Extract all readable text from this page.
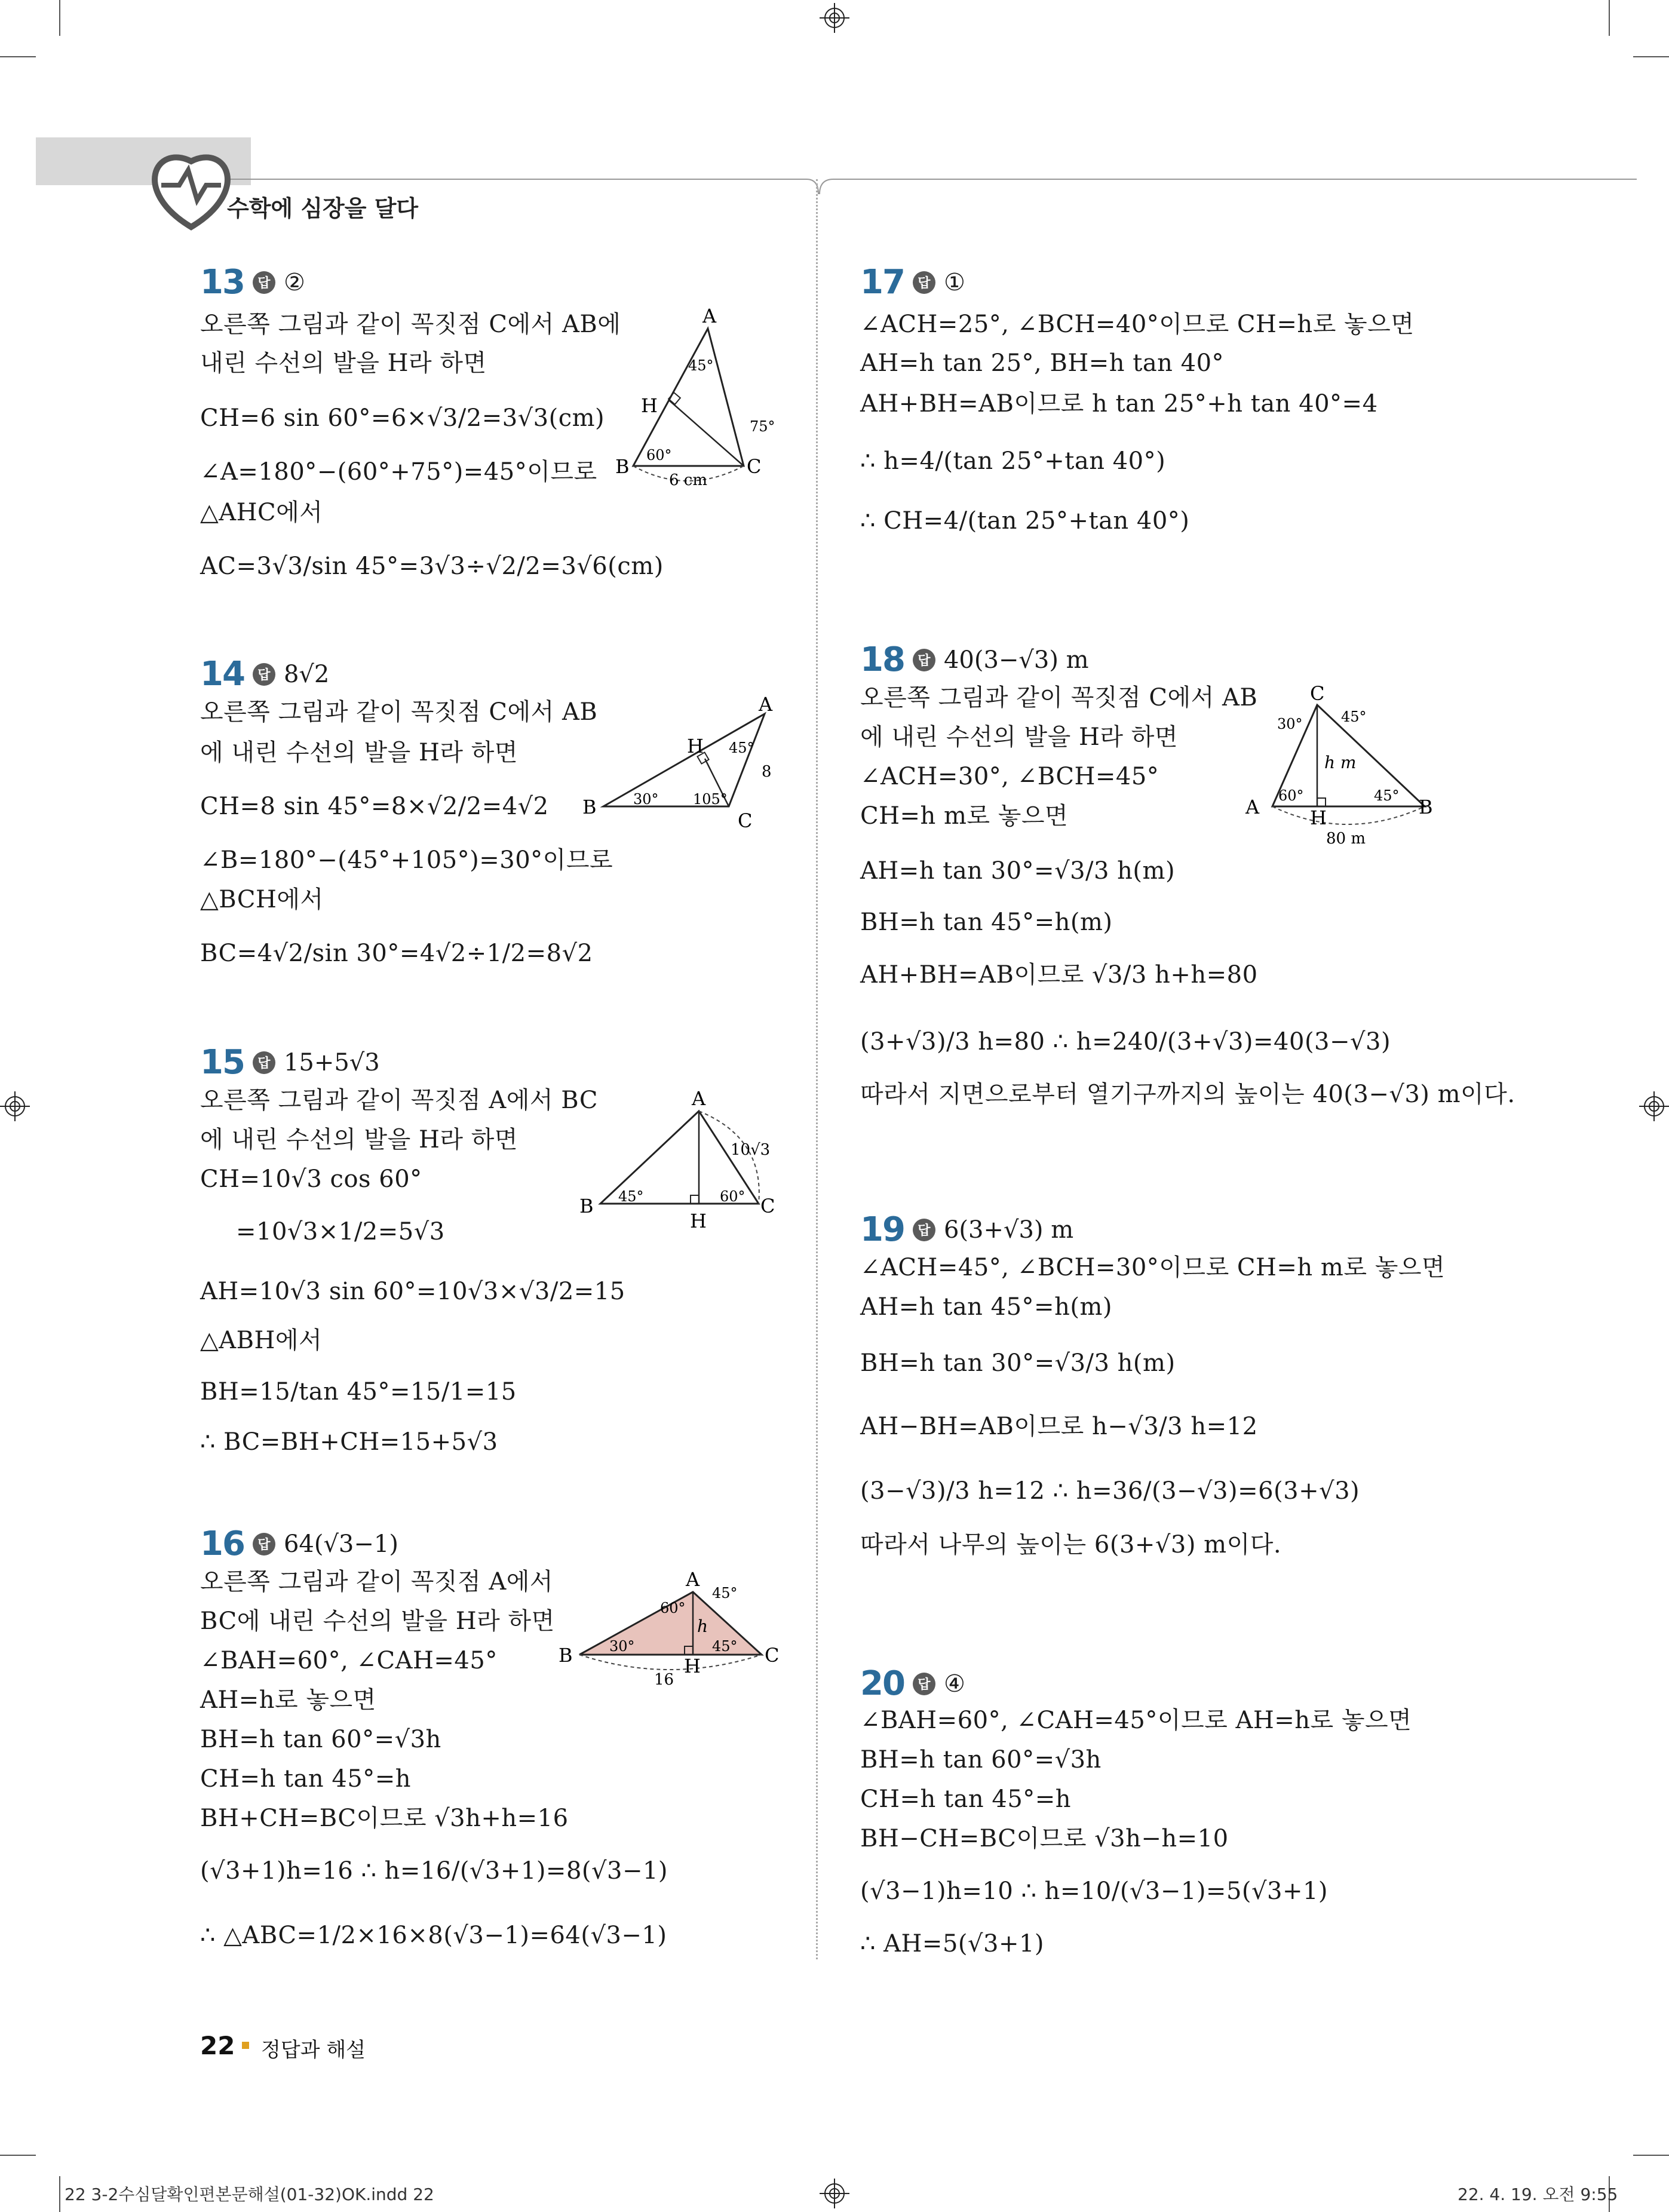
수학에 심장을 달다
13	답 ②
오른쪽 그림과 같이 꼭짓점 C에서 AB에
내린 수선의 발을 H라 하면
CH=6 sin 60°=6×√3/2=3√3(cm)
∠A=180°−(60°+75°)=45°이므로
△AHC에서
AC=3√3/sin 45°=3√3÷√2/2=3√6(cm)
A
B	C
H
45°
60°
75°
6 cm
14	답 8√2
오른쪽 그림과 같이 꼭짓점 C에서 AB
에 내린 수선의 발을 H라 하면
CH=8 sin 45°=8×√2/2=4√2
∠B=180°−(45°+105°)=30°이므로
△BCH에서
BC=4√2/sin 30°=4√2÷1/2=8√2
A
B
C
H 45°
30° 105°
8
15	답 15+5√3
오른쪽 그림과 같이 꼭짓점 A에서 BC
에 내린 수선의 발을 H라 하면
CH=10√3 cos 60°
=10√3×1/2=5√3
AH=10√3 sin 60°=10√3×√3/2=15
△ABH에서
BH=15/tan 45°=15/1=15
∴ BC=BH+CH=15+5√3
A
B	C
H
45°	60°
10√3
16	답 64(√3−1)
오른쪽 그림과 같이 꼭짓점 A에서
BC에 내린 수선의 발을 H라 하면
∠BAH=60°, ∠CAH=45°
AH=h로 놓으면
BH=h tan 60°=√3h
CH=h tan 45°=h
BH+CH=BC이므로 √3h+h=16
(√3+1)h=16 ∴ h=16/(√3+1)=8(√3−1)
∴ △ABC=1/2×16×8(√3−1)=64(√3−1)
A
B	C
H
30°	45°
60°
45°
h
16
17	답 ①
∠ACH=25°, ∠BCH=40°이므로 CH=h로 놓으면
AH=h tan 25°, BH=h tan 40°
AH+BH=AB이므로 h tan 25°+h tan 40°=4
∴ h=4/(tan 25°+tan 40°)
∴ CH=4/(tan 25°+tan 40°)
18	답 40(3−√3) m
오른쪽 그림과 같이 꼭짓점 C에서 AB
에 내린 수선의 발을 H라 하면
∠ACH=30°, ∠BCH=45°
CH=h m로 놓으면
AH=h tan 30°=√3/3 h(m)
BH=h tan 45°=h(m)
AH+BH=AB이므로 √3/3 h+h=80
(3+√3)/3 h=80 ∴ h=240/(3+√3)=40(3−√3)
따라서 지면으로부터 열기구까지의 높이는 40(3−√3) m이다.
C
A	B
H
30°	45°
60°	45°
h m
80 m
19	답 6(3+√3) m
∠ACH=45°, ∠BCH=30°이므로 CH=h m로 놓으면
AH=h tan 45°=h(m)
BH=h tan 30°=√3/3 h(m)
AH−BH=AB이므로 h−√3/3 h=12
(3−√3)/3 h=12 ∴ h=36/(3−√3)=6(3+√3)
따라서 나무의 높이는 6(3+√3) m이다.
20	답 ④
∠BAH=60°, ∠CAH=45°이므로 AH=h로 놓으면
BH=h tan 60°=√3h
CH=h tan 45°=h
BH−CH=BC이므로 √3h−h=10
(√3−1)h=10 ∴ h=10/(√3−1)=5(√3+1)
∴ AH=5(√3+1)
22 정답과 해설
22 3-2수심달확인편본문해설(01-32)OK.indd 22	22. 4. 19. 오전 9:55
